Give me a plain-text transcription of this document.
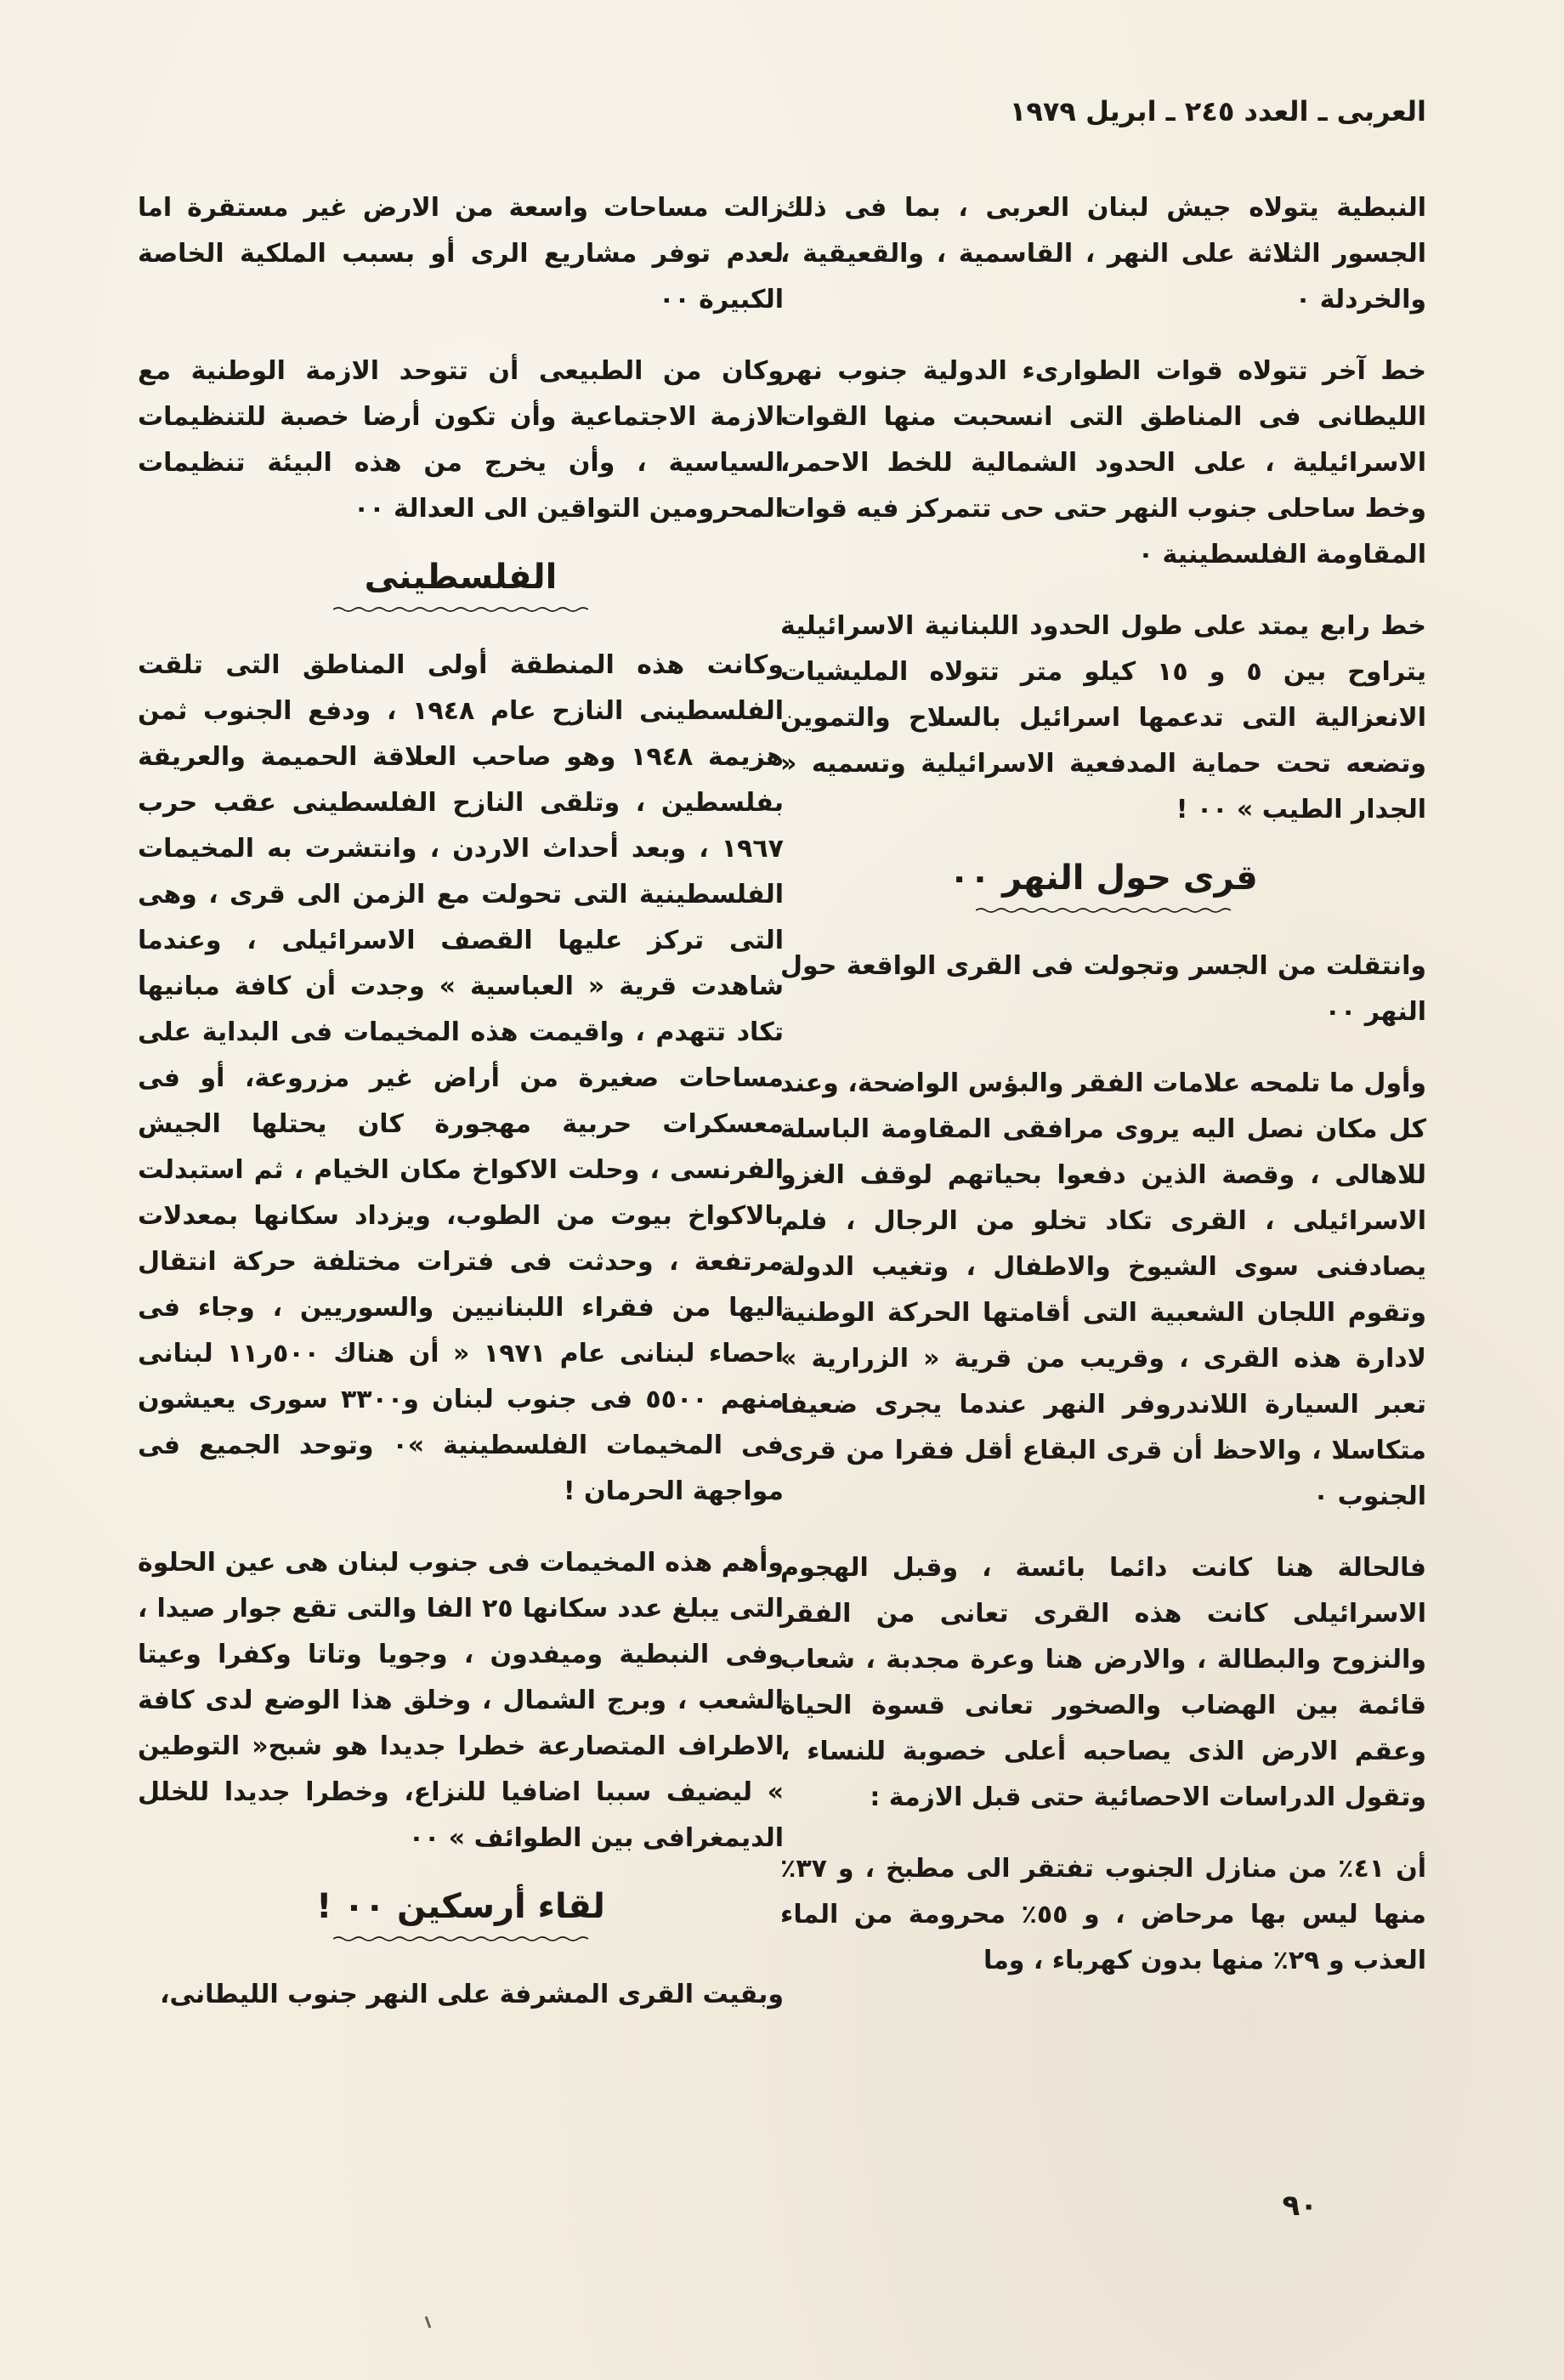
العربى ـ العدد ٢٤٥ ـ ابريل ١٩٧٩

النبطية يتولاه جيش لبنان العربى ، بما فى ذلك الجسور الثلاثة على النهر ، القاسمية ، والقعيقية ، والخردلة ٠

خط آخر تتولاه قوات الطوارىء الدولية جنوب نهر الليطانى فى المناطق التى انسحبت منها القوات الاسرائيلية ، على الحدود الشمالية للخط الاحمر، وخط ساحلى جنوب النهر حتى حى تتمركز فيه قوات المقاومة الفلسطينية ٠

خط رابع يمتد على طول الحدود اللبنانية الاسرائيلية يتراوح بين ٥ و ١٥ كيلو متر تتولاه المليشيات الانعزالية التى تدعمها اسرائيل بالسلاح والتموين وتضعه تحت حماية المدفعية الاسرائيلية وتسميه « الجدار الطيب » ٠٠ !

قرى حول النهر ٠٠

وانتقلت من الجسر وتجولت فى القرى الواقعة حول النهر ٠٠

وأول ما تلمحه علامات الفقر والبؤس الواضحة، وعند كل مكان نصل اليه يروى مرافقى المقاومة الباسلة للاهالى ، وقصة الذين دفعوا بحياتهم لوقف الغزو الاسرائيلى ، القرى تكاد تخلو من الرجال ، فلم يصادفنى سوى الشيوخ والاطفال ، وتغيب الدولة وتقوم اللجان الشعبية التى أقامتها الحركة الوطنية لادارة هذه القرى ، وقريب من قرية « الزرارية » تعبر السيارة اللاندروفر النهر عندما يجرى ضعيفا متكاسلا ، والاحظ أن قرى البقاع أقل فقرا من قرى الجنوب ٠

فالحالة هنا كانت دائما بائسة ، وقبل الهجوم الاسرائيلى كانت هذه القرى تعانى من الفقر والنزوح والبطالة ، والارض هنا وعرة مجدبة ، شعاب قائمة بين الهضاب والصخور تعانى قسوة الحياة وعقم الارض الذى يصاحبه أعلى خصوبة للنساء ، وتقول الدراسات الاحصائية حتى قبل الازمة :

أن ٤١٪ من منازل الجنوب تفتقر الى مطبخ ، و ٣٧٪ منها ليس بها مرحاض ، و ٥٥٪ محرومة من الماء العذب و ٢٩٪ منها بدون كهرباء ، وما

زالت مساحات واسعة من الارض غير مستقرة اما لعدم توفر مشاريع الرى أو بسبب الملكية الخاصة الكبيرة ٠٠

وكان من الطبيعى أن تتوحد الازمة الوطنية مع الازمة الاجتماعية وأن تكون أرضا خصبة للتنظيمات السياسية ، وأن يخرج من هذه البيئة تنظيمات المحرومين التواقين الى العدالة ٠٠

الفلسطينى

وكانت هذه المنطقة أولى المناطق التى تلقت الفلسطينى النازح عام ١٩٤٨ ، ودفع الجنوب ثمن هزيمة ١٩٤٨ وهو صاحب العلاقة الحميمة والعريقة بفلسطين ، وتلقى النازح الفلسطينى عقب حرب ١٩٦٧ ، وبعد أحداث الاردن ، وانتشرت به المخيمات الفلسطينية التى تحولت مع الزمن الى قرى ، وهى التى تركز عليها القصف الاسرائيلى ، وعندما شاهدت قرية « العباسية » وجدت أن كافة مبانيها تكاد تتهدم ، واقيمت هذه المخيمات فى البداية على مساحات صغيرة من أراض غير مزروعة، أو فى معسكرات حربية مهجورة كان يحتلها الجيش الفرنسى ، وحلت الاكواخ مكان الخيام ، ثم استبدلت بالاكواخ بيوت من الطوب، ويزداد سكانها بمعدلات مرتفعة ، وحدثت فى فترات مختلفة حركة انتقال اليها من فقراء اللبنانيين والسوريين ، وجاء فى احصاء لبنانى عام ١٩٧١ « أن هناك ٥٠٠ر١١ لبنانى منهم ٥٥٠٠ فى جنوب لبنان و٣٣٠٠ سورى يعيشون فى المخيمات الفلسطينية »٠ وتوحد الجميع فى مواجهة الحرمان !

وأهم هذه المخيمات فى جنوب لبنان هى عين الحلوة التى يبلغ عدد سكانها ٢٥ الفا والتى تقع جوار صيدا ، وفى النبطية وميفدون ، وجويا وتاتا وكفرا وعيتا الشعب ، وبرج الشمال ، وخلق هذا الوضع لدى كافة الاطراف المتصارعة خطرا جديدا هو شبح« التوطين » ليضيف سببا اضافيا للنزاع، وخطرا جديدا للخلل الديمغرافى بين الطوائف » ٠٠

لقاء أرسكين ٠٠ !

وبقيت القرى المشرفة على النهر جنوب الليطانى،

٩٠
